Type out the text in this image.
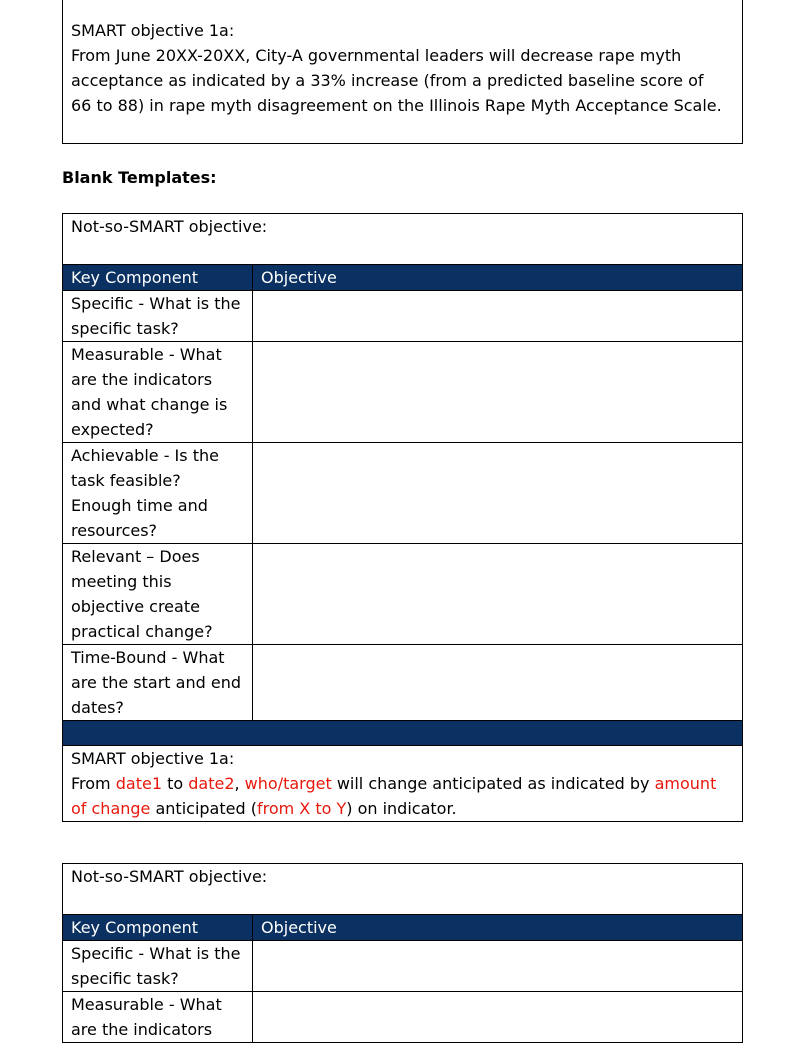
SMART objective 1a:
From June 20XX-20XX, City-A governmental leaders will decrease rape myth
acceptance as indicated by a 33% increase (from a predicted baseline score of
66 to 88) in rape myth disagreement on the Illinois Rape Myth Acceptance Scale.
Blank Templates:
Not-so-SMART objective:	
Key Component	Objective

Specific - What is the
specific task?	

Measurable - What
are the indicators
and what change is
expected?	

Achievable - Is the
task feasible?
Enough time and
resources?	

Relevant – Does
meeting this
objective create
practical change?	

Time-Bound - What
are the start and end
dates?	

SMART objective 1a:
From date1 to date2, who/target will change anticipated as indicated by amount
of change anticipated (from X to Y) on indicator.	
Not-so-SMART objective:	
Key Component	Objective

Specific - What is the
specific task?	

Measurable - What
are the indicators	
